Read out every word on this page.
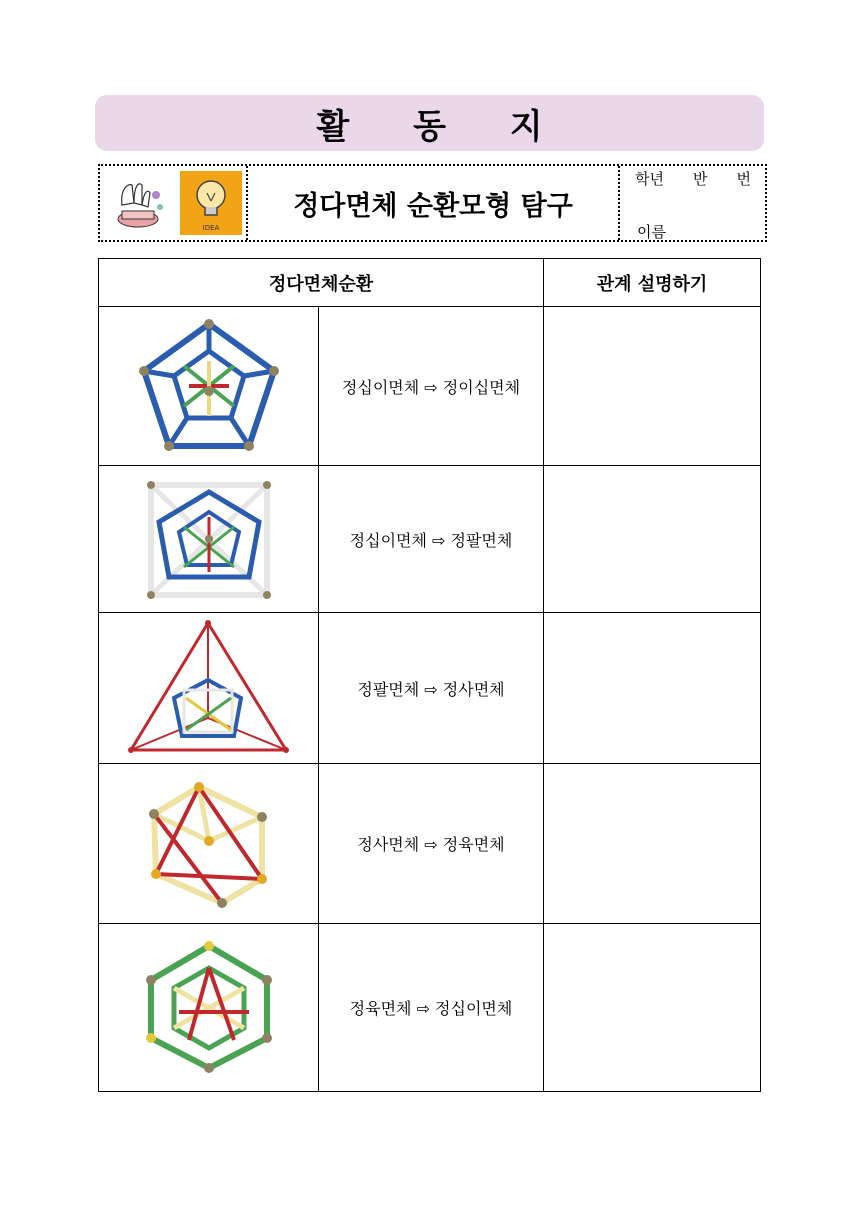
활 동 지
IDEA
정다면체 순환모형 탐구
학년 반 번
이름
정다면체순환		관계 설명하기

	정십이면체 ⇨ 정이십면체	

	정십이면체 ⇨ 정팔면체	

	정팔면체 ⇨ 정사면체	

	정사면체 ⇨ 정육면체	

	정육면체 ⇨ 정십이면체	
